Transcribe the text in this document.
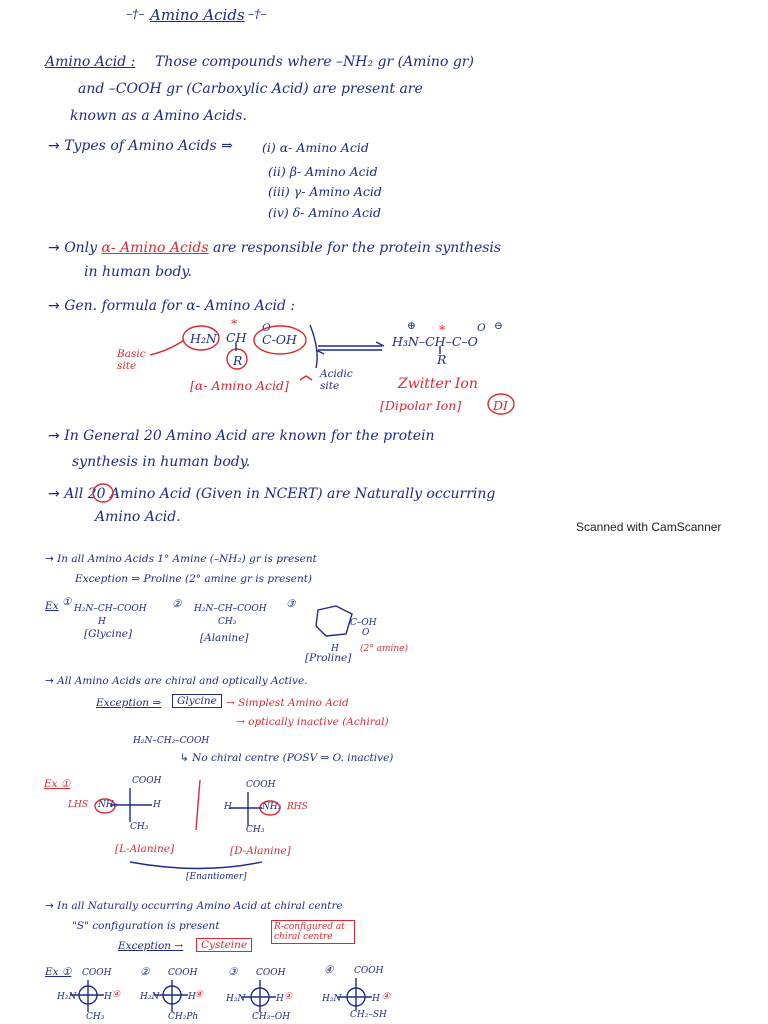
Amino Acids
–†–	–†–
Amino Acid : Those compounds where –NH₂ gr (Amino gr)
and –COOH gr (Carboxylic Acid) are present are
known as a Amino Acids.
→ Types of Amino Acids ⇒ (i) α- Amino Acid
(ii) β- Amino Acid
(iii) γ- Amino Acid
(iv) δ- Amino Acid
→ Only α- Amino Acids are responsible for the protein synthesis
in human body.
→ Gen. formula for α- Amino Acid :
H₂N CH
*
R
O
C-OH
Basic site
Acidic site
[α- Amino Acid]
H₃N–CH–C–O
⊕	⊖
O
R
*
Zwitter Ion
[Dipolar Ion]	DI
→ In General 20 Amino Acid are known for the protein
synthesis in human body.
→ All 20 Amino Acid (Given in NCERT) are Naturally occurring
Amino Acid.
Scanned with CamScanner
→ In all Amino Acids 1° Amine (–NH₂) gr is present
Exception ⇒ Proline (2° amine gr is present)
Ex ①
H₂N–CH–COOH
H
[Glycine]
② H₂N–CH–COOH
CH₃
[Alanine]
③
C–OH
O
H
[Proline]
(2° amine)
→ All Amino Acids are chiral and optically Active.
Exception ⇒	Glycine → Simplest Amino Acid
→ optically inactive (Achiral)
H₂N–CH₂–COOH
↳ No chiral centre (POSV ⇒ O. inactive)
Ex ①	COOH
LHS NH₂	H
CH₃
[L-Alanine]
COOH
H	NH₂ RHS
CH₃
[D-Alanine]
[Enantiomer]
→ In all Naturally occurring Amino Acid at chiral centre
"S" configuration is present
Exception →	Cysteine
R-configured at chiral centre
Ex ① COOH
H₂N	H ④
CH₃
② COOH
H₂N	H ④
CH₂Ph
③ COOH
H₂N	H ④
CH₂–OH
④ COOH
H₂N	H ④
CH₂–SH
